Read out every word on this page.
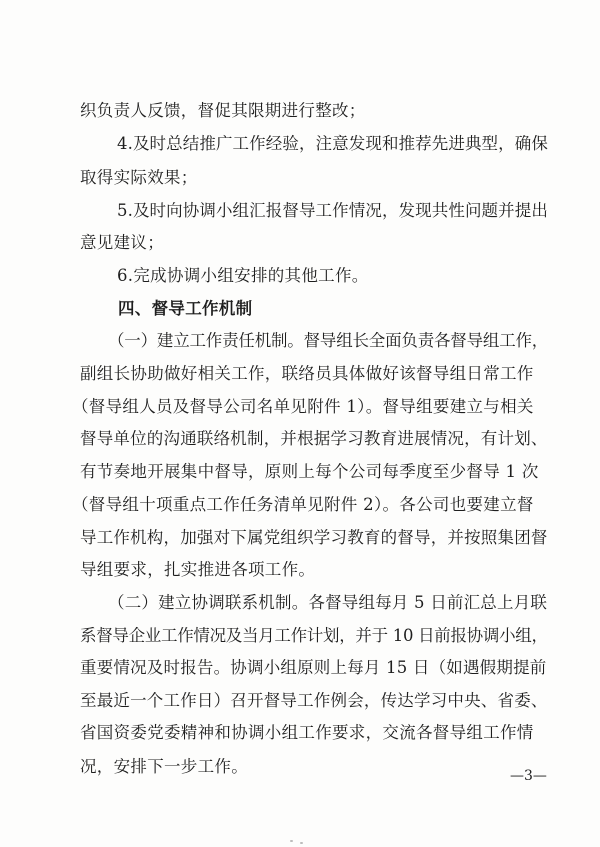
织负责人反馈，督促其限期进行整改；
4.及时总结推广工作经验，注意发现和推荐先进典型，确保
取得实际效果；
5.及时向协调小组汇报督导工作情况，发现共性问题并提出
意见建议；
6.完成协调小组安排的其他工作。
四、督导工作机制
（一）建立工作责任机制。督导组长全面负责各督导组工作，
副组长协助做好相关工作，联络员具体做好该督导组日常工作
（督导组人员及督导公司名单见附件 1）。督导组要建立与相关
督导单位的沟通联络机制，并根据学习教育进展情况，有计划、
有节奏地开展集中督导，原则上每个公司每季度至少督导 1 次
（督导组十项重点工作任务清单见附件 2）。各公司也要建立督
导工作机构，加强对下属党组织学习教育的督导，并按照集团督
导组要求，扎实推进各项工作。
（二）建立协调联系机制。各督导组每月 5 日前汇总上月联
系督导企业工作情况及当月工作计划，并于 10 日前报协调小组，
重要情况及时报告。协调小组原则上每月 15 日（如遇假期提前
至最近一个工作日）召开督导工作例会，传达学习中央、省委、
省国资委党委精神和协调小组工作要求，交流各督导组工作情
况，安排下一步工作。	—3—
